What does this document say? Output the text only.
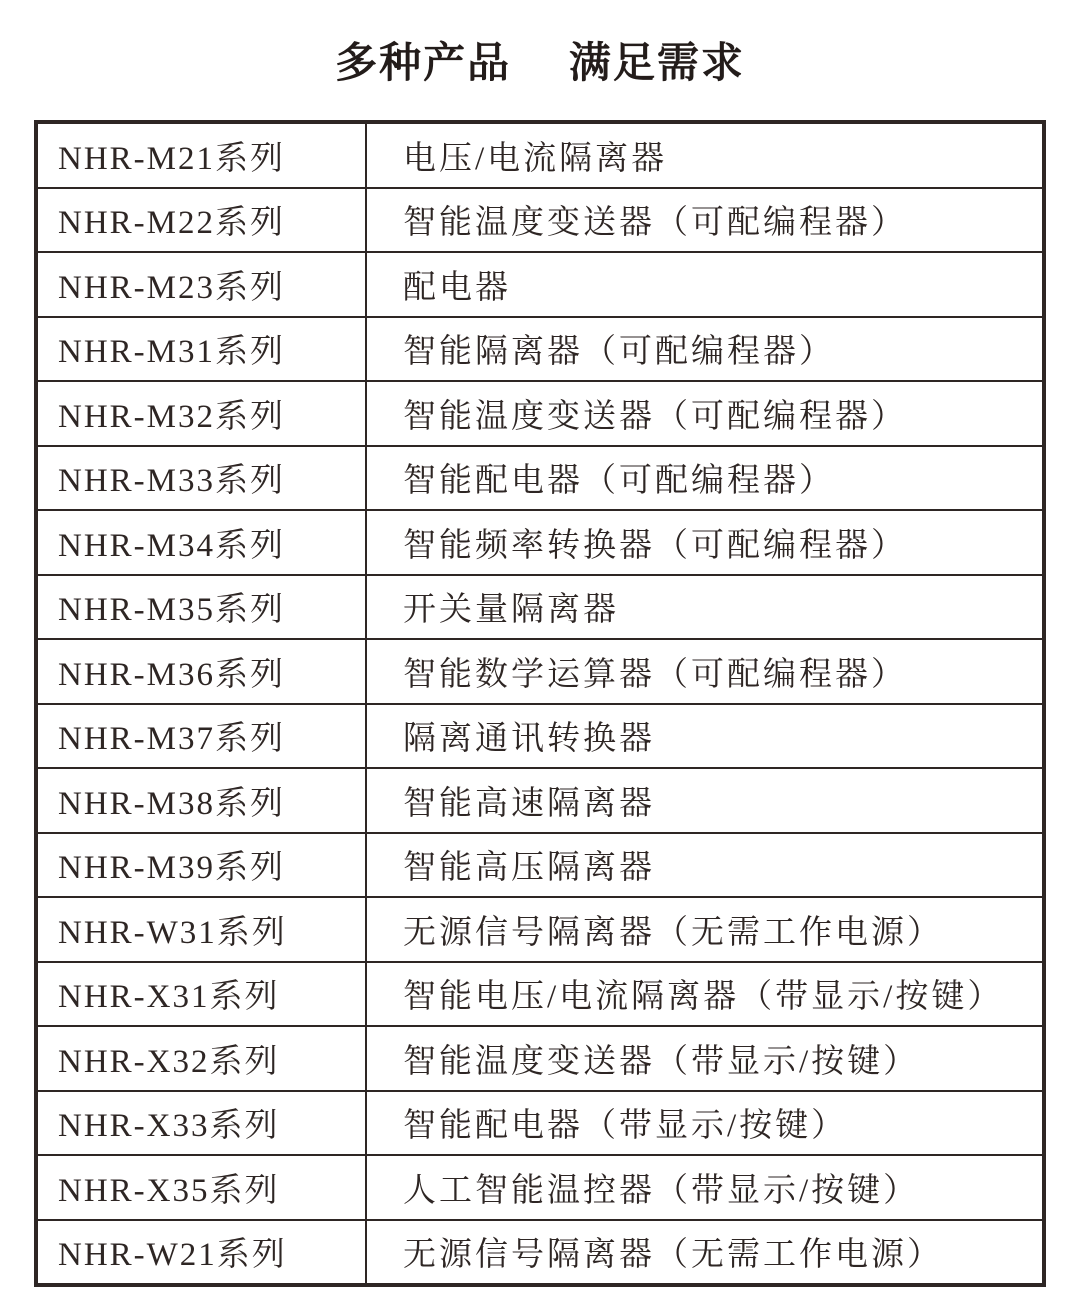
多种产品　 满足需求
NHR-M21系列	电压/电流隔离器
NHR-M22系列	智能温度变送器（可配编程器）
NHR-M23系列	配电器
NHR-M31系列	智能隔离器（可配编程器）
NHR-M32系列	智能温度变送器（可配编程器）
NHR-M33系列	智能配电器（可配编程器）
NHR-M34系列	智能频率转换器（可配编程器）
NHR-M35系列	开关量隔离器
NHR-M36系列	智能数学运算器（可配编程器）
NHR-M37系列	隔离通讯转换器
NHR-M38系列	智能高速隔离器
NHR-M39系列	智能高压隔离器
NHR-W31系列	无源信号隔离器（无需工作电源）
NHR-X31系列	智能电压/电流隔离器（带显示/按键）
NHR-X32系列	智能温度变送器（带显示/按键）
NHR-X33系列	智能配电器（带显示/按键）
NHR-X35系列	人工智能温控器（带显示/按键）
NHR-W21系列	无源信号隔离器（无需工作电源）
